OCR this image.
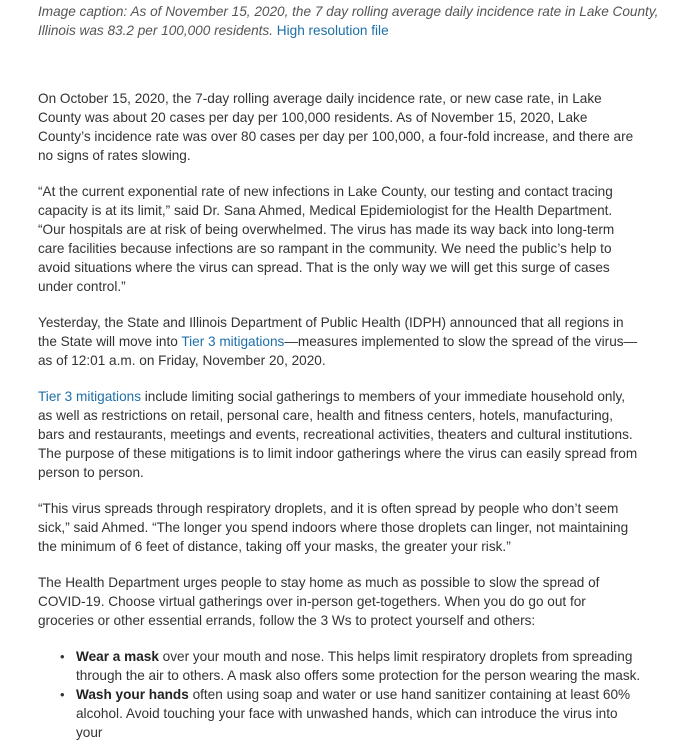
Image caption: As of November 15, 2020, the 7 day rolling average daily incidence rate in Lake County, Illinois was 83.2 per 100,000 residents. High resolution file

On October 15, 2020, the 7-day rolling average daily incidence rate, or new case rate, in Lake County was about 20 cases per day per 100,000 residents. As of November 15, 2020, Lake County’s incidence rate was over 80 cases per day per 100,000, a four-fold increase, and there are no signs of rates slowing.

“At the current exponential rate of new infections in Lake County, our testing and contact tracing capacity is at its limit,” said Dr. Sana Ahmed, Medical Epidemiologist for the Health Department. “Our hospitals are at risk of being overwhelmed. The virus has made its way back into long-term care facilities because infections are so rampant in the community. We need the public’s help to avoid situations where the virus can spread. That is the only way we will get this surge of cases under control.”

Yesterday, the State and Illinois Department of Public Health (IDPH) announced that all regions in the State will move into Tier 3 mitigations—measures implemented to slow the spread of the virus—as of 12:01 a.m. on Friday, November 20, 2020.

Tier 3 mitigations include limiting social gatherings to members of your immediate household only, as well as restrictions on retail, personal care, health and fitness centers, hotels, manufacturing, bars and restaurants, meetings and events, recreational activities, theaters and cultural institutions. The purpose of these mitigations is to limit indoor gatherings where the virus can easily spread from person to person.

“This virus spreads through respiratory droplets, and it is often spread by people who don’t seem sick,” said Ahmed. “The longer you spend indoors where those droplets can linger, not maintaining the minimum of 6 feet of distance, taking off your masks, the greater your risk.”

The Health Department urges people to stay home as much as possible to slow the spread of COVID-19. Choose virtual gatherings over in-person get-togethers. When you do go out for groceries or other essential errands, follow the 3 Ws to protect yourself and others:

• Wear a mask over your mouth and nose. This helps limit respiratory droplets from spreading through the air to others. A mask also offers some protection for the person wearing the mask.
• Wash your hands often using soap and water or use hand sanitizer containing at least 60% alcohol. Avoid touching your face with unwashed hands, which can introduce the virus into your
